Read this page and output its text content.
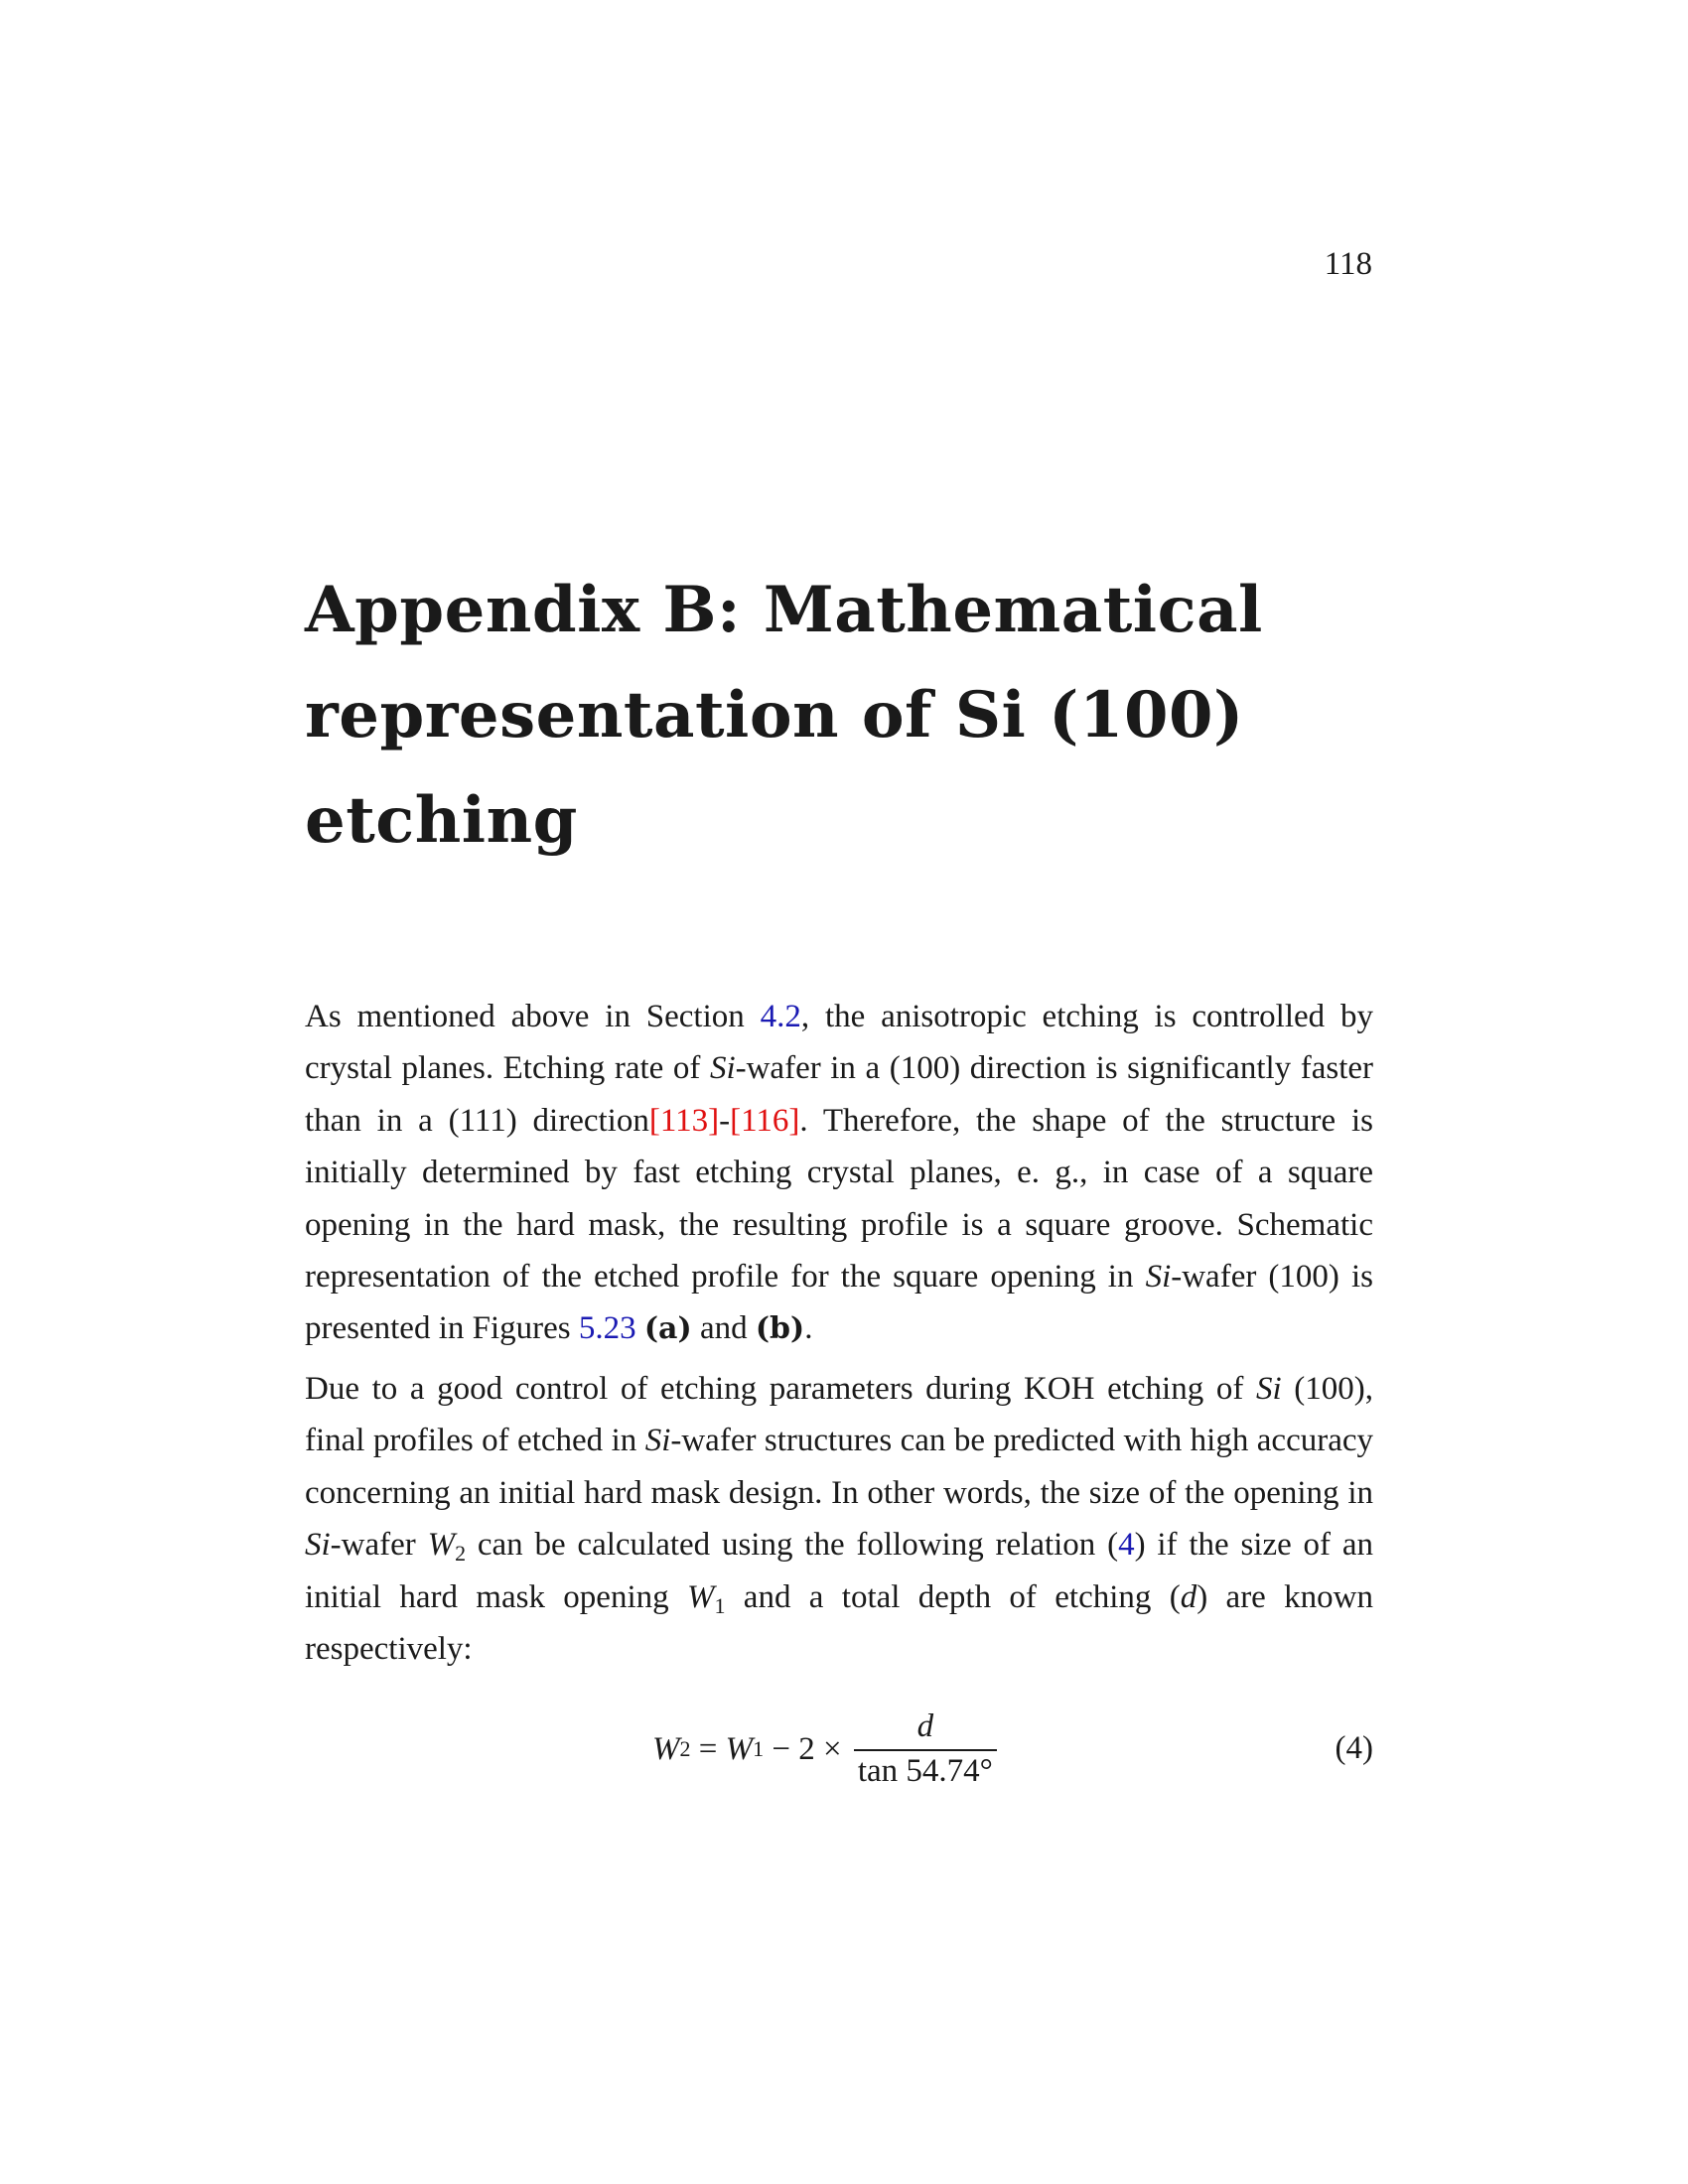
118
Appendix B: Mathematical representation of Si (100) etching

As mentioned above in Section 4.2, the anisotropic etching is controlled by crystal planes. Etching rate of Si-wafer in a (100) direction is significantly faster than in a (111) direction[113]-[116]. Therefore, the shape of the structure is initially determined by fast etching crystal planes, e. g., in case of a square opening in the hard mask, the resulting profile is a square groove. Schematic representation of the etched profile for the square opening in Si-wafer (100) is presented in Figures 5.23 (a) and (b).

Due to a good control of etching parameters during KOH etching of Si (100), final profiles of etched in Si-wafer structures can be predicted with high accuracy concerning an initial hard mask design. In other words, the size of the opening in Si-wafer $W_2$ can be calculated using the following relation (4) if the size of an initial hard mask opening $W_1$ and a total depth of etching (d) are known respectively:

W 2 = W $1 - 2 \times \frac{d}{\tan 54.74^\circ}$	(4)
